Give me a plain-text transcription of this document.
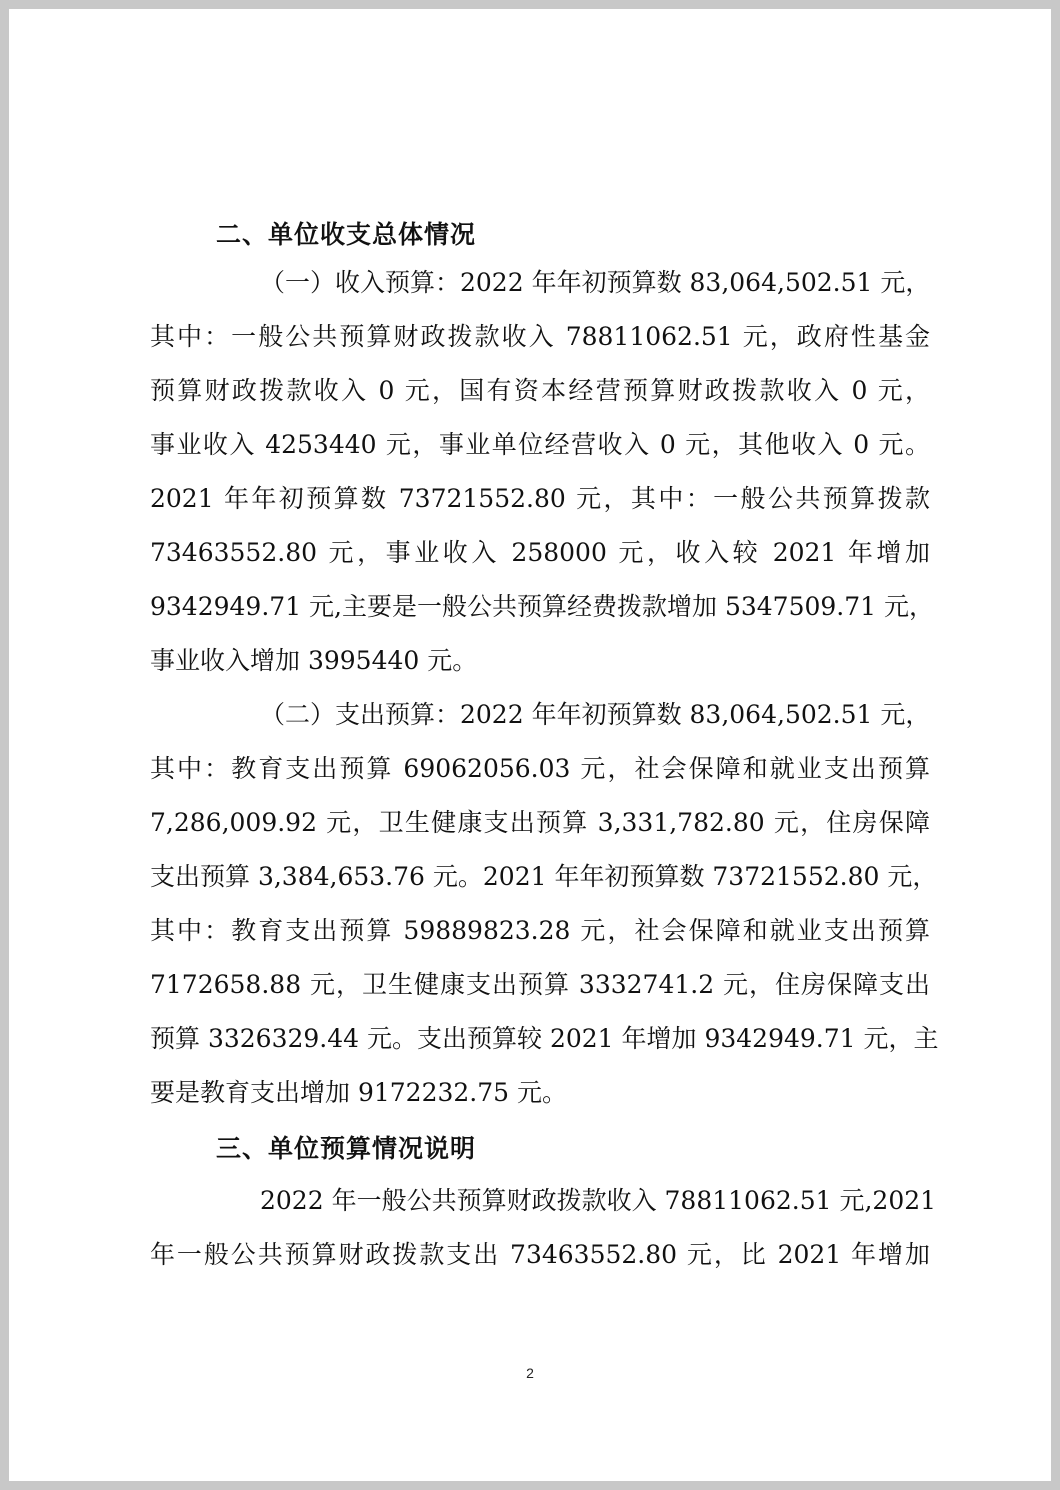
二、单位收支总体情况
（一）收入预算：2022 年年初预算数 83,064,502.51 元，
其中：一般公共预算财政拨款收入 78811062.51 元，政府性基金
预算财政拨款收入 0 元，国有资本经营预算财政拨款收入 0 元，
事业收入 4253440 元，事业单位经营收入 0 元，其他收入 0 元。
2021 年年初预算数 73721552.80 元，其中：一般公共预算拨款
73463552.80 元，事业收入 258000 元，收入较 2021 年增加
9342949.71 元,主要是一般公共预算经费拨款增加 5347509.71 元，
事业收入增加 3995440 元。
（二）支出预算：2022 年年初预算数 83,064,502.51 元，
其中：教育支出预算 69062056.03 元，社会保障和就业支出预算
7,286,009.92 元，卫生健康支出预算 3,331,782.80 元，住房保障
支出预算 3,384,653.76 元。2021 年年初预算数 73721552.80 元，
其中：教育支出预算 59889823.28 元，社会保障和就业支出预算
7172658.88 元，卫生健康支出预算 3332741.2 元，住房保障支出
预算 3326329.44 元。支出预算较 2021 年增加 9342949.71 元，主
要是教育支出增加 9172232.75 元。
三、单位预算情况说明
2022 年一般公共预算财政拨款收入 78811062.51 元,2021
年一般公共预算财政拨款支出 73463552.80 元，比 2021 年增加
2
